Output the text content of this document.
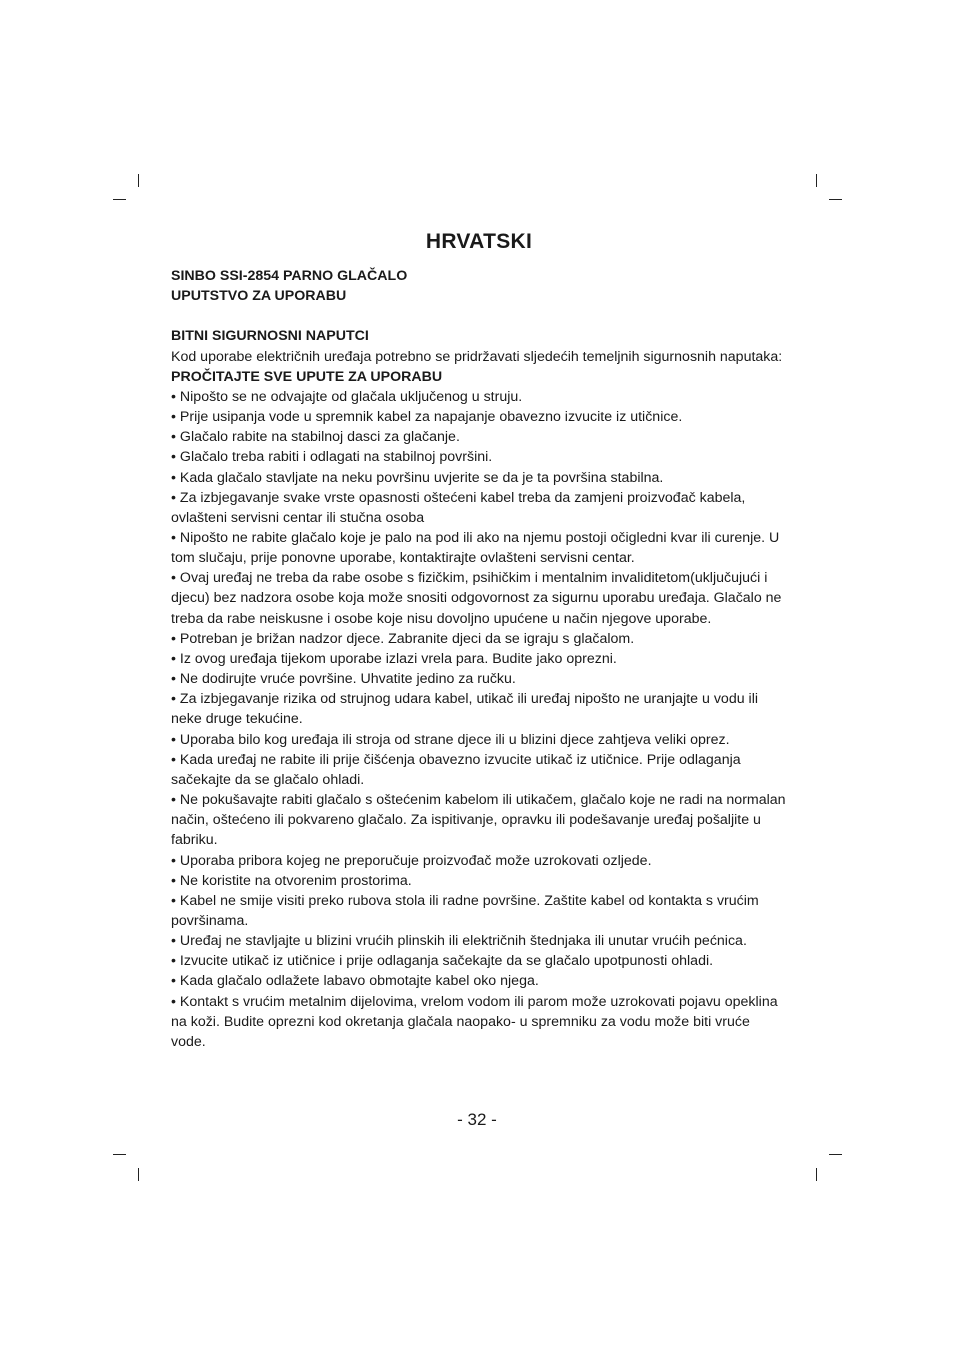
HRVATSKI

SINBO SSI-2854 PARNO GLAČALO

UPUTSTVO ZA UPORABU

BITNI SIGURNOSNI NAPUTCI

Kod uporabe električnih uređaja potrebno se pridržavati sljedećih temeljnih sigurnosnih naputaka:

PROČITAJTE SVE UPUTE ZA UPORABU

• Nipošto se ne odvajajte od glačala uključenog u struju.

• Prije usipanja vode u spremnik kabel za napajanje obavezno izvucite iz utičnice.

• Glačalo rabite na stabilnoj dasci za glačanje.

• Glačalo treba rabiti i odlagati na stabilnoj površini.

• Kada glačalo stavljate na neku površinu uvjerite se da je ta površina stabilna.

• Za izbjegavanje svake vrste opasnosti oštećeni kabel treba da zamjeni proizvođač kabela, ovlašteni servisni centar ili stučna osoba

• Nipošto ne rabite glačalo koje je palo na pod ili ako na njemu postoji očigledni kvar ili curenje. U tom slučaju, prije ponovne uporabe, kontaktirajte ovlašteni servisni centar.

• Ovaj uređaj ne treba da rabe osobe s fizičkim, psihičkim i mentalnim invaliditetom(uključujući i djecu) bez nadzora osobe koja može snositi odgovornost za sigurnu uporabu uređaja. Glačalo ne treba da rabe neiskusne i osobe koje nisu dovoljno upućene u način njegove uporabe.

• Potreban je brižan nadzor djece. Zabranite djeci da se igraju s glačalom.

• Iz ovog uređaja tijekom uporabe izlazi vrela para. Budite jako oprezni.

• Ne dodirujte vruće površine. Uhvatite jedino za ručku.

• Za izbjegavanje rizika od strujnog udara kabel, utikač ili uređaj nipošto ne uranjajte u vodu ili neke druge tekućine.

• Uporaba bilo kog uređaja ili stroja od strane djece ili u blizini djece zahtjeva veliki oprez.

• Kada uređaj ne rabite ili prije čišćenja obavezno izvucite utikač iz utičnice. Prije odlaganja sačekajte da se glačalo ohladi.

• Ne pokušavajte rabiti glačalo s oštećenim kabelom ili utikačem, glačalo koje ne radi na normalan način, oštećeno ili pokvareno glačalo. Za ispitivanje, opravku ili podešavanje uređaj pošaljite u fabriku.

• Uporaba pribora kojeg ne preporučuje proizvođač može uzrokovati ozljede.

• Ne koristite na otvorenim prostorima.

• Kabel ne smije visiti preko rubova stola ili radne površine. Zaštite kabel od kontakta s vrućim površinama.

• Uređaj ne stavljajte u blizini vrućih plinskih ili električnih štednjaka ili unutar vrućih pećnica.

• Izvucite utikač iz utičnice i prije odlaganja sačekajte da se glačalo upotpunosti ohladi.

• Kada glačalo odlažete labavo obmotajte kabel oko njega.

• Kontakt s vrućim metalnim dijelovima, vrelom vodom ili parom može uzrokovati pojavu opeklina na koži. Budite oprezni kod okretanja glačala naopako- u spremniku za vodu može biti vruće vode.

- 32 -
